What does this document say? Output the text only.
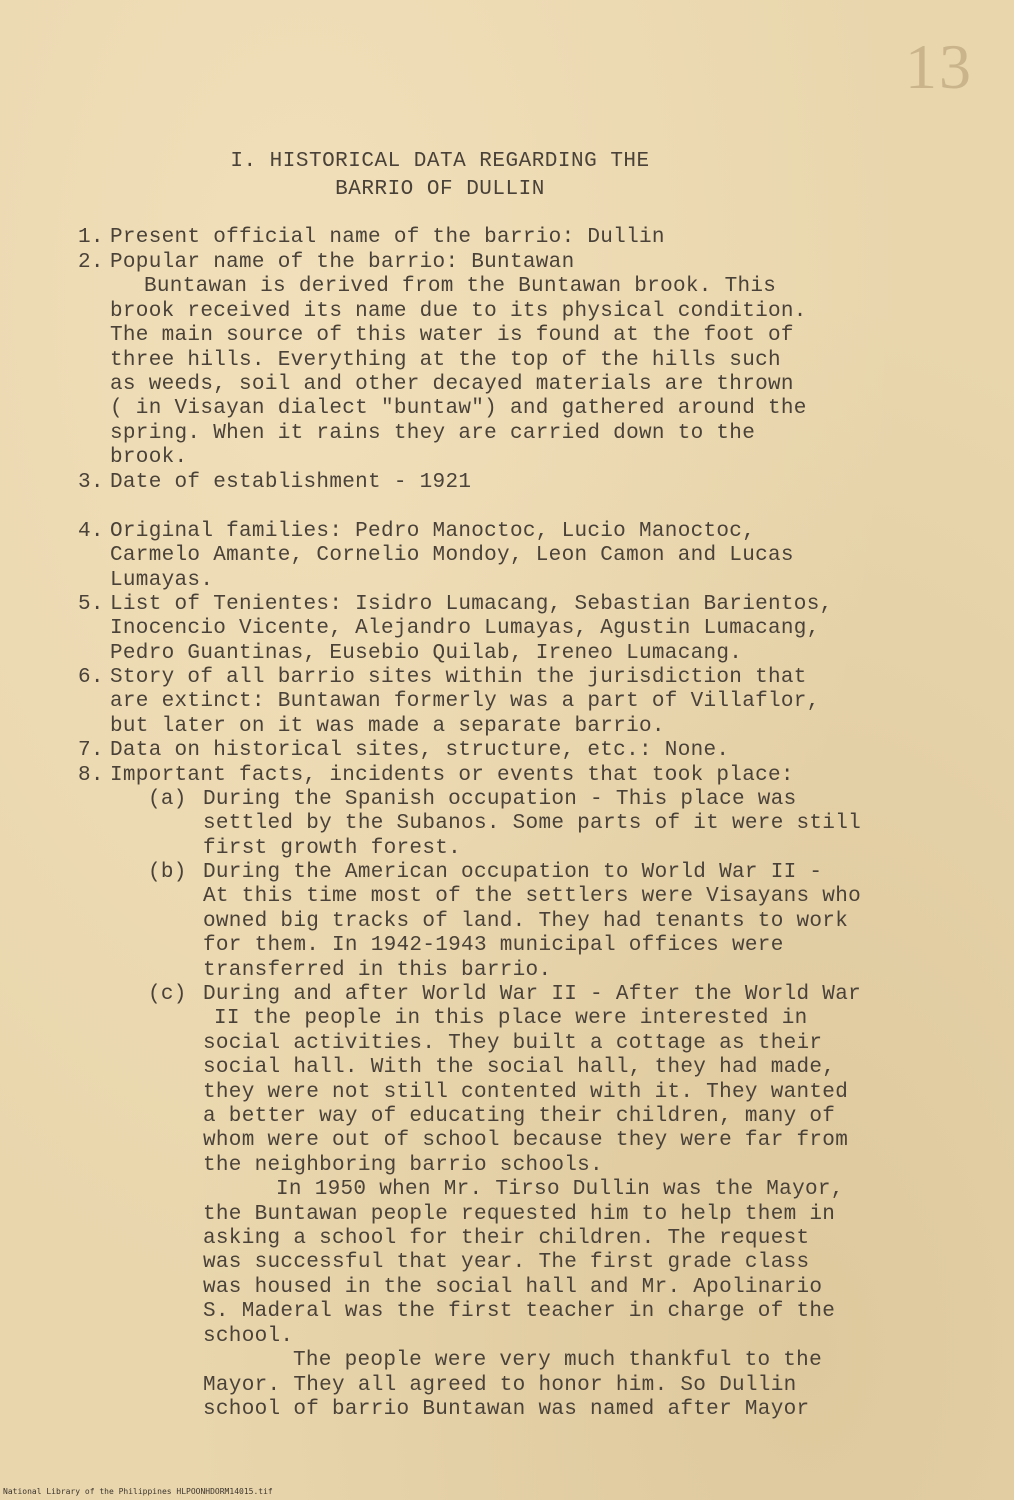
13
I. HISTORICAL DATA REGARDING THE
BARRIO OF DULLIN
1. Present official name of the barrio: Dullin
2. Popular name of the barrio: Buntawan
Buntawan is derived from the Buntawan brook. This
brook received its name due to its physical condition.
The main source of this water is found at the foot of
three hills. Everything at the top of the hills such
as weeds, soil and other decayed materials are thrown
( in Visayan dialect "buntaw") and gathered around the
spring. When it rains they are carried down to the
brook.
3. Date of establishment - 1921
4. Original families: Pedro Manoctoc, Lucio Manoctoc,
Carmelo Amante, Cornelio Mondoy, Leon Camon and Lucas
Lumayas.
5. List of Tenientes: Isidro Lumacang, Sebastian Barientos,
Inocencio Vicente, Alejandro Lumayas, Agustin Lumacang,
Pedro Guantinas, Eusebio Quilab, Ireneo Lumacang.
6. Story of all barrio sites within the jurisdiction that
are extinct: Buntawan formerly was a part of Villaflor,
but later on it was made a separate barrio.
7. Data on historical sites, structure, etc.: None.
8. Important facts, incidents or events that took place:
(a) During the Spanish occupation - This place was
settled by the Subanos. Some parts of it were still
first growth forest.
(b) During the American occupation to World War II -
At this time most of the settlers were Visayans who
owned big tracks of land. They had tenants to work
for them. In 1942-1943 municipal offices were
transferred in this barrio.
(c) During and after World War II - After the World War
II the people in this place were interested in
social activities. They built a cottage as their
social hall. With the social hall, they had made,
they were not still contented with it. They wanted
a better way of educating their children, many of
whom were out of school because they were far from
the neighboring barrio schools.
In 1950 when Mr. Tirso Dullin was the Mayor,
the Buntawan people requested him to help them in
asking a school for their children. The request
was successful that year. The first grade class
was housed in the social hall and Mr. Apolinario
S. Maderal was the first teacher in charge of the
school.
The people were very much thankful to the
Mayor. They all agreed to honor him. So Dullin
school of barrio Buntawan was named after Mayor
National Library of the Philippines HLPOONHDORM14015.tif
